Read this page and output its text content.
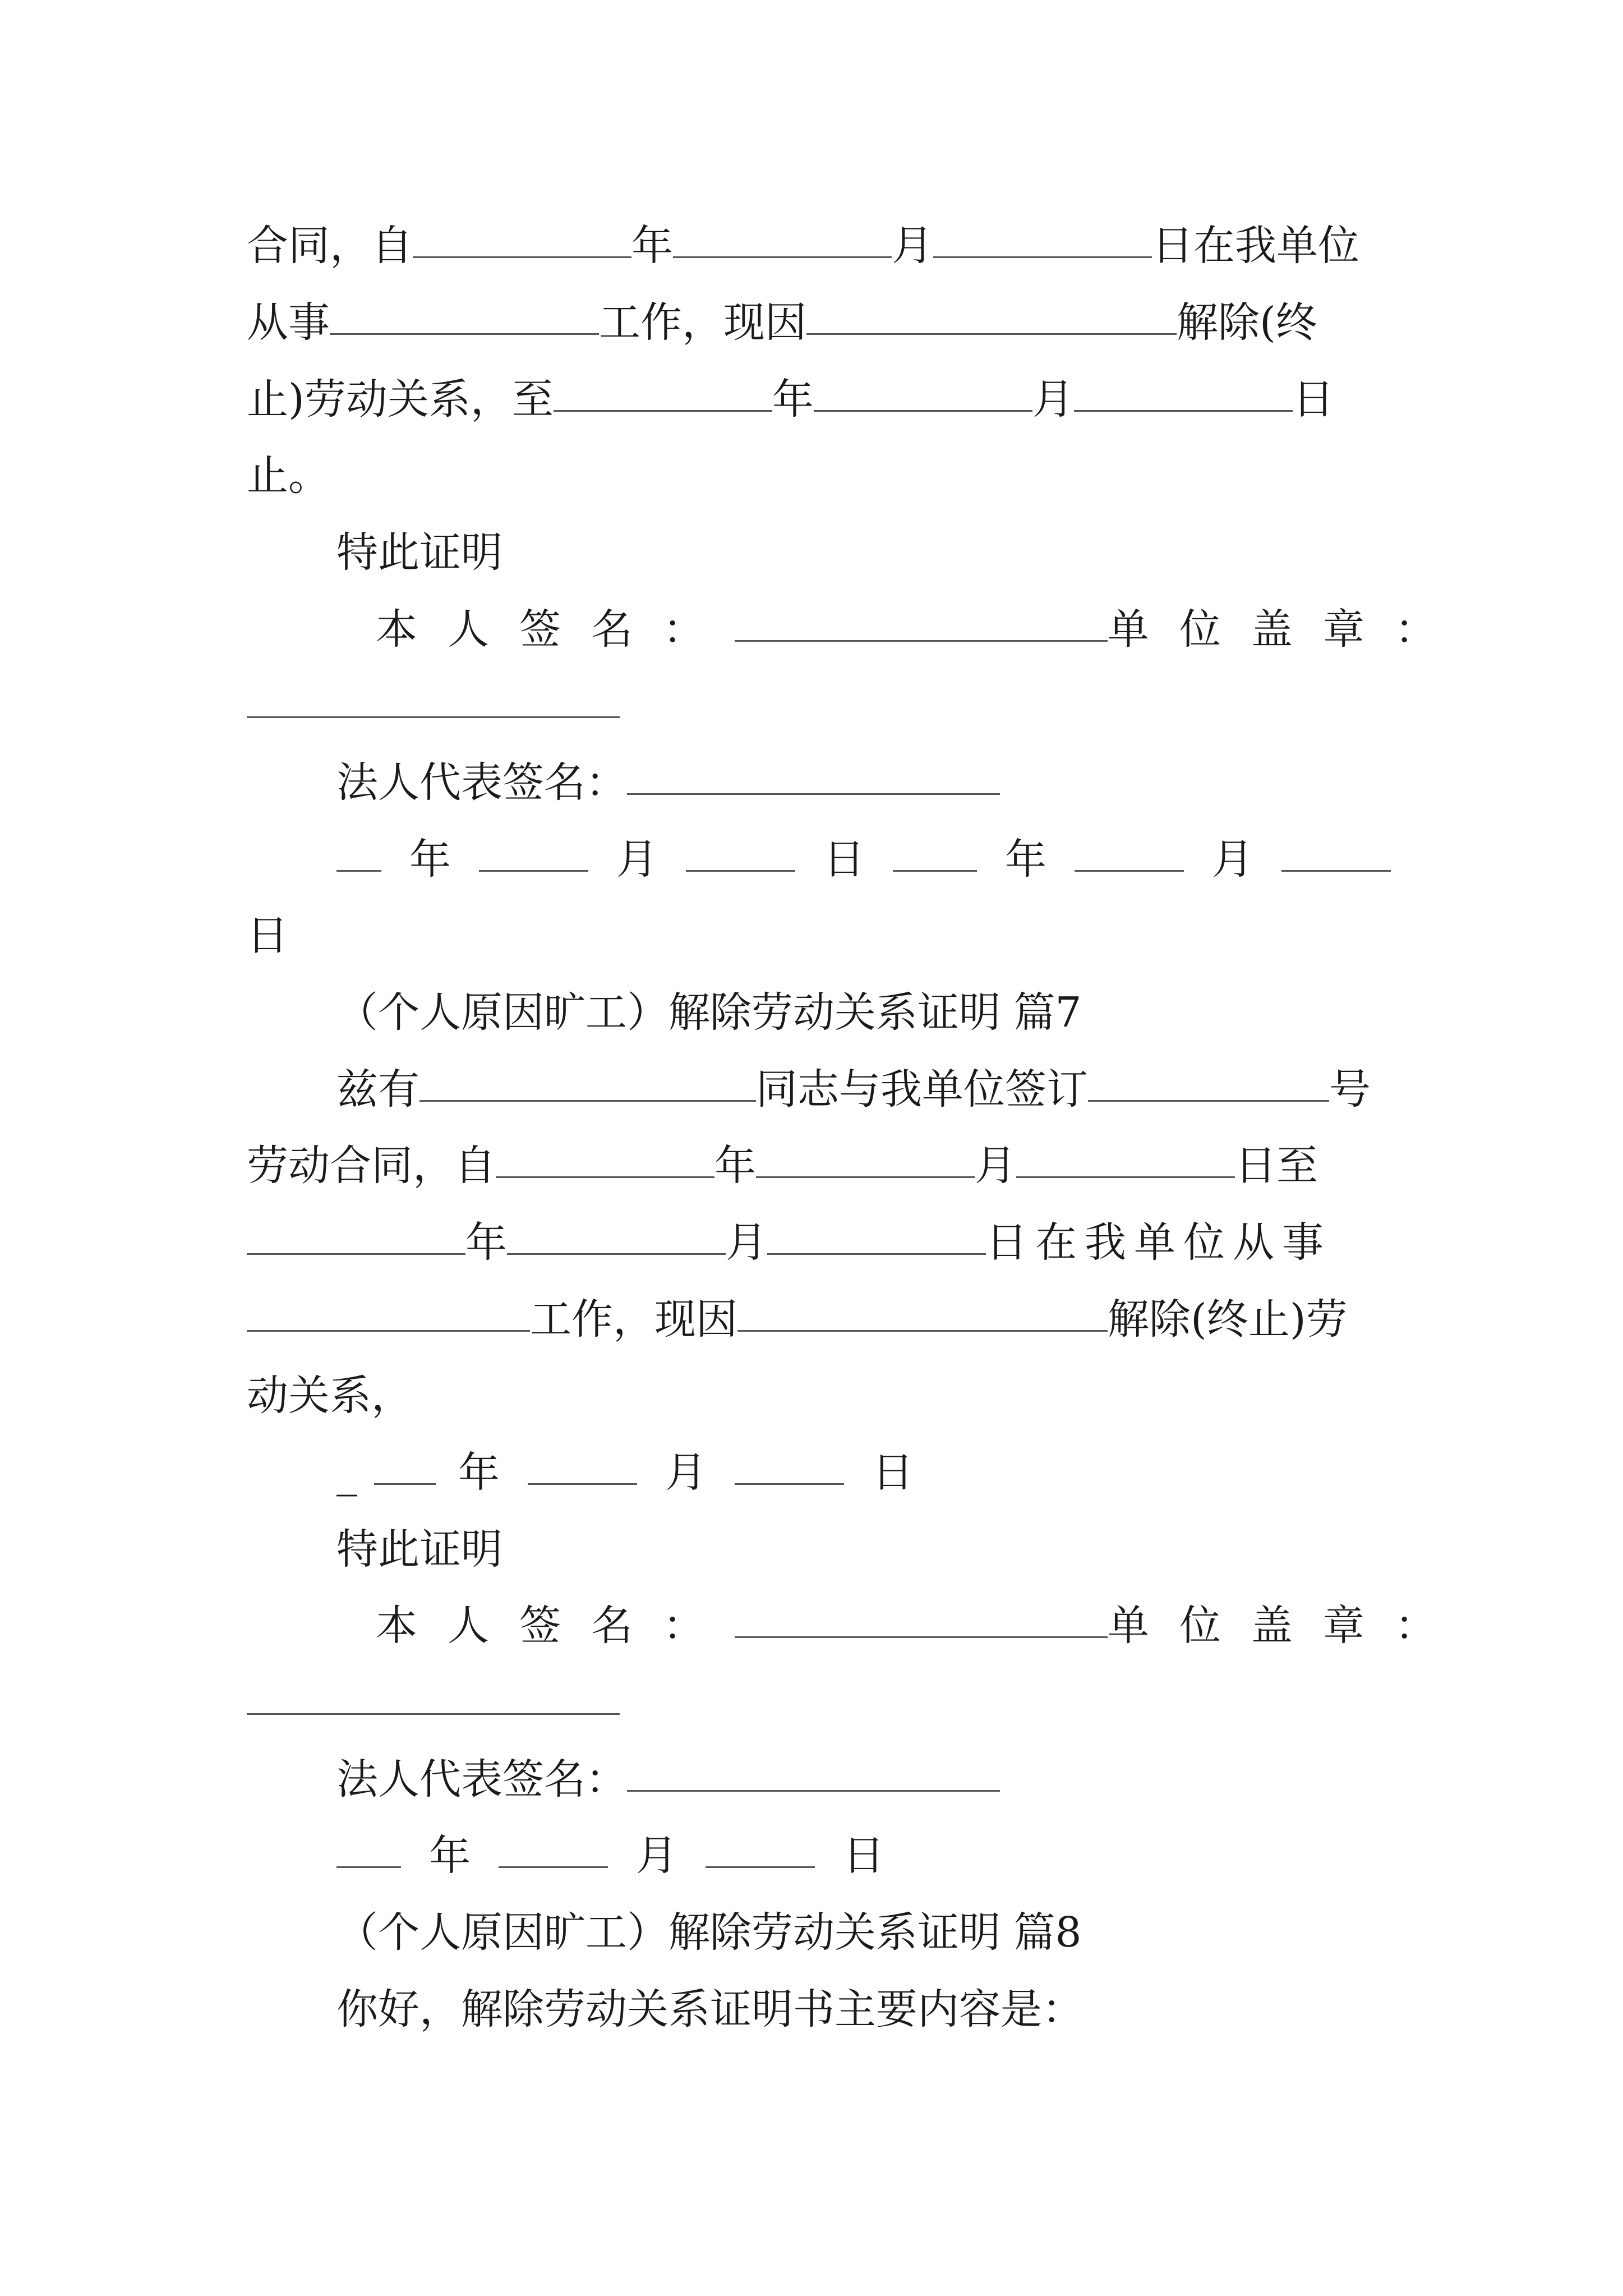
合同，自	年	月	日在我单位
从事	工作，现因	解除(终
止)劳动关系，至	年	月	日
止。
特此证明
本人签名：	单位盖章：
法人代表签名：
年	月	日	年	月
日
（个人原因旷工）解除劳动关系证明 篇7
兹有	同志与我单位签订	号
劳动合同，自	年	月	日至
年	月	日在我单位从事
工作，现因	解除(终止)劳
动关系，
_ 年	月	日
特此证明
本人签名：	单位盖章：
法人代表签名：
年	月	日
（个人原因旷工）解除劳动关系证明 篇8
你好，解除劳动关系证明书主要内容是：
